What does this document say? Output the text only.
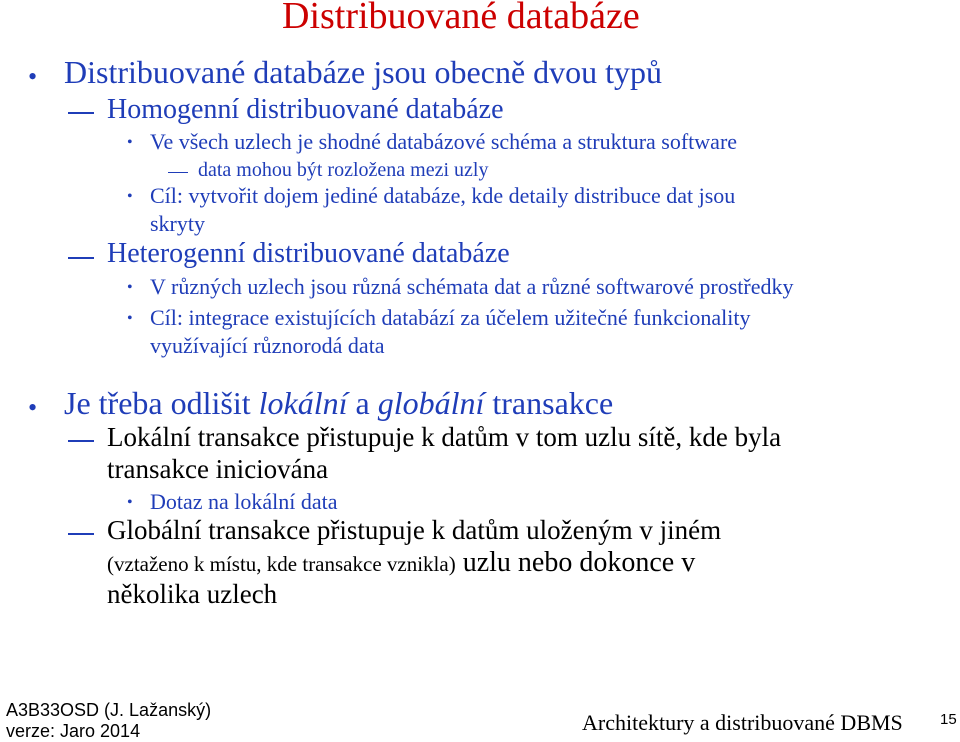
Distribuované databáze
• Distribuované databáze jsou obecně dvou typů
Homogenní distribuované databáze
• Ve všech uzlech je shodné databázové schéma a struktura software
data mohou být rozložena mezi uzly
• Cíl: vytvořit dojem jediné databáze, kde detaily distribuce dat jsou
skryty
Heterogenní distribuované databáze
• V různých uzlech jsou různá schémata dat a různé softwarové prostředky
• Cíl: integrace existujících databází za účelem užitečné funkcionality
využívající různorodá data
• Je třeba odlišit lokální a globální transakce
Lokální transakce přistupuje k datům v tom uzlu sítě, kde byla
transakce iniciována
• Dotaz na lokální data
Globální transakce přistupuje k datům uloženým v jiném
(vztaženo k místu, kde transakce vznikla) uzlu nebo dokonce v
několika uzlech
A3B33OSD (J. Lažanský)
verze: Jaro 2014	Architektury a distribuované DBMS 15
